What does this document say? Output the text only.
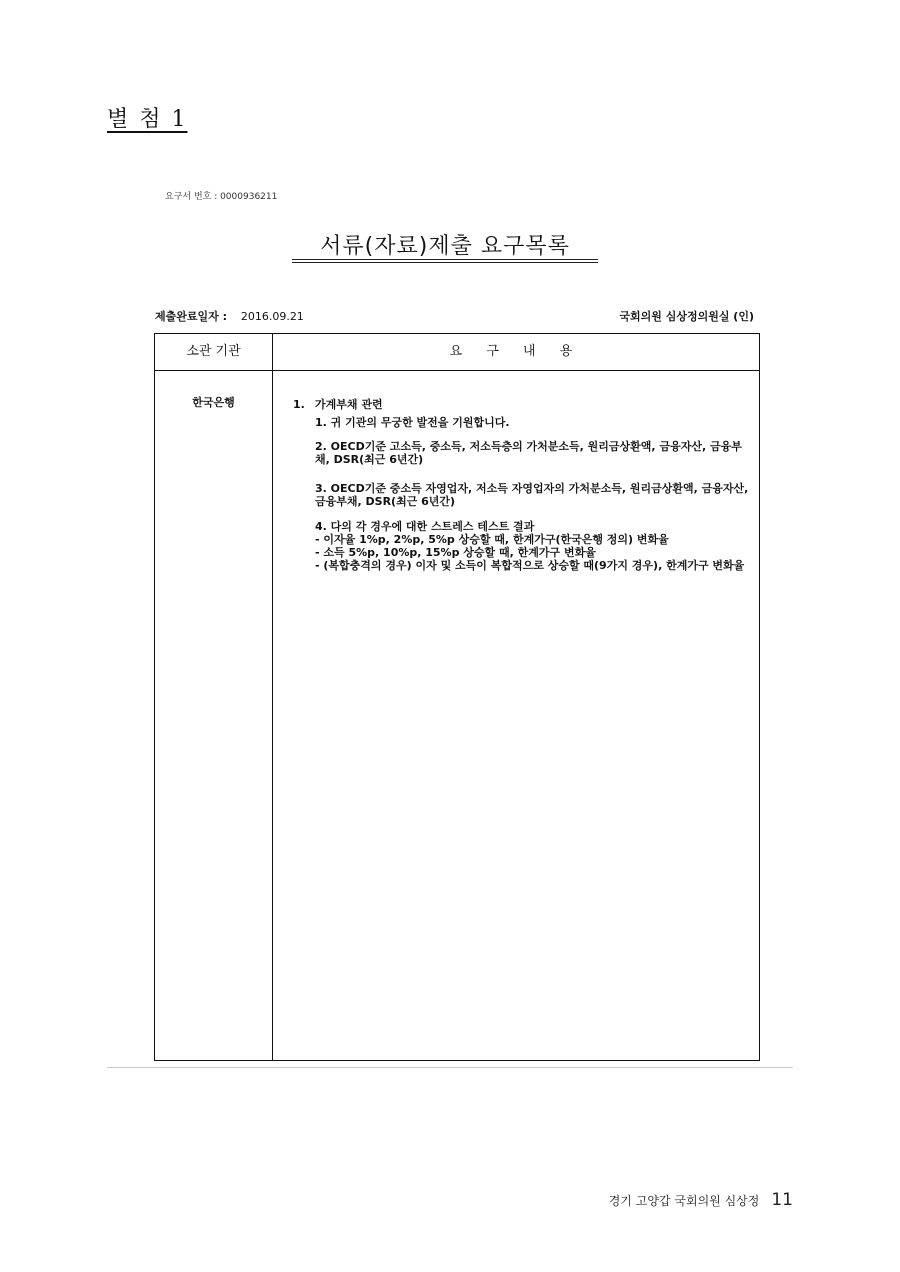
별 첨 1
요구서 번호 : 0000936211
서류(자료)제출 요구목록
제출완료일자 : 2016.09.21	국회의원 심상정의원실 (인)
소관 기관	요 구 내 용
한국은행	1. 가계부채 관련
1. 귀 기관의 무궁한 발전을 기원합니다.
2. OECD기준 고소득, 중소득, 저소득층의 가처분소득, 원리금상환액, 금융자산, 금융부채, DSR(최근 6년간)
3. OECD기준 중소득 자영업자, 저소득 자영업자의 가처분소득, 원리금상환액, 금융자산, 금융부채, DSR(최근 6년간)
4. 다의 각 경우에 대한 스트레스 테스트 결과
- 이자율 1%p, 2%p, 5%p 상승할 때, 한계가구(한국은행 정의) 변화율
- 소득 5%p, 10%p, 15%p 상승할 때, 한계가구 변화율
- (복합충격의 경우) 이자 및 소득이 복합적으로 상승할 때(9가지 경우), 한계가구 변화율
경기 고양갑 국회의원 심상정 11
